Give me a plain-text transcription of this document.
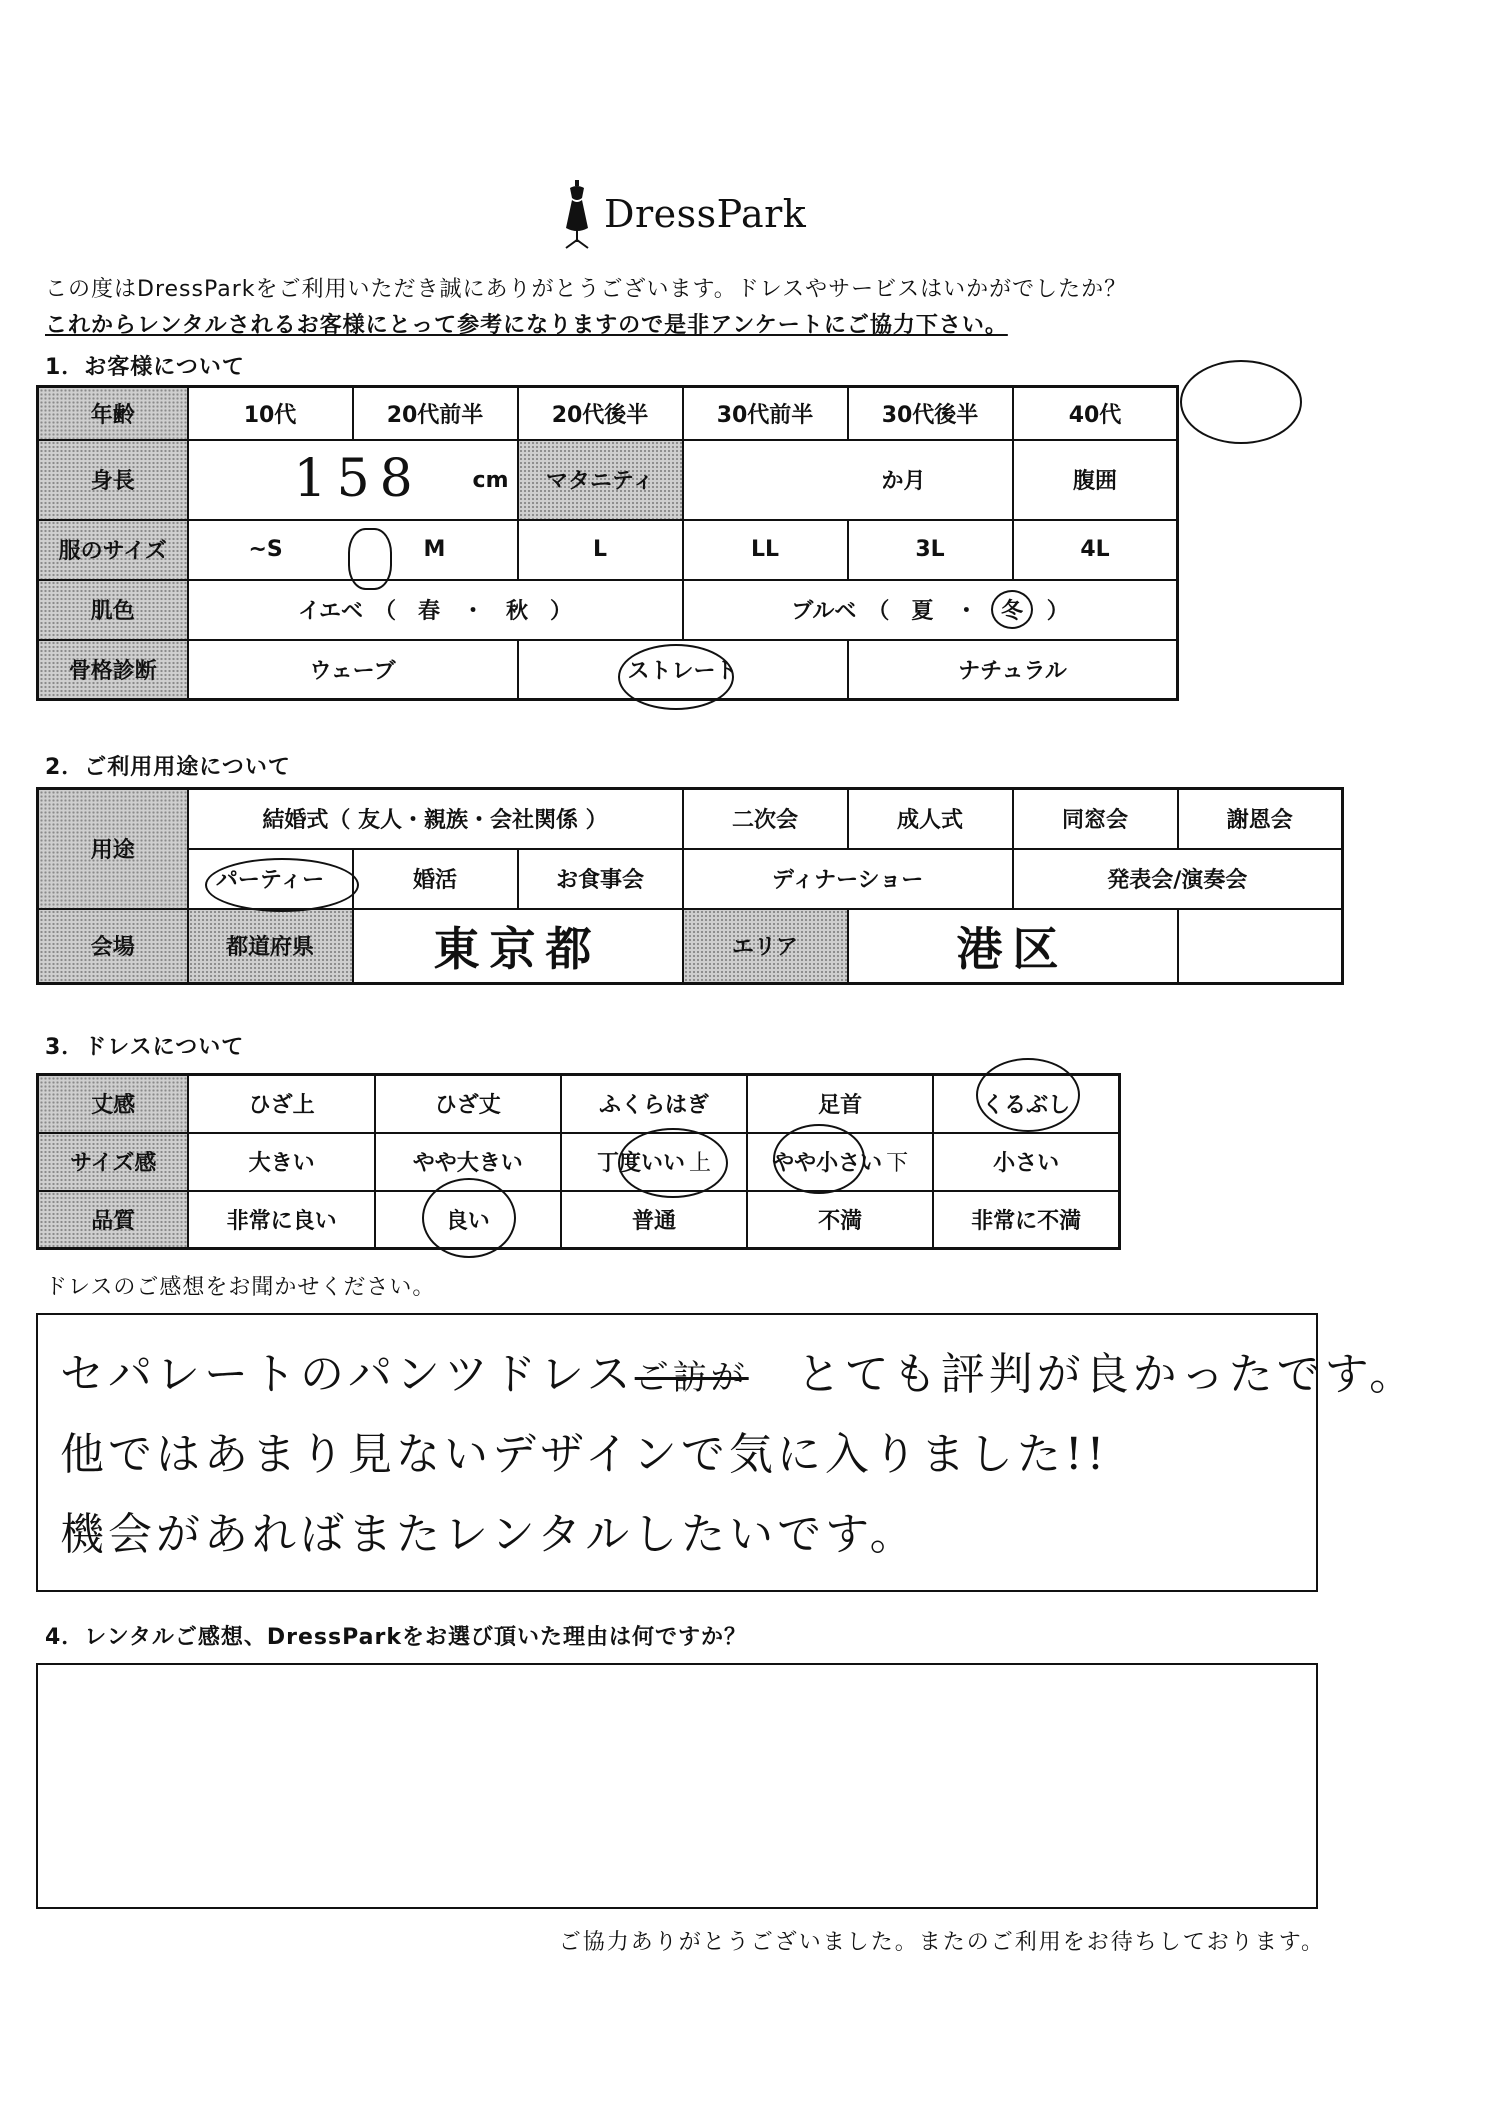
DressPark
この度はDressParkをご利用いただき誠にありがとうございます。ドレスやサービスはいかがでしたか？
これからレンタルされるお客様にとって参考になりますので是非アンケートにご協力下さい。
1．お客様について
年齢	10代	20代前半	20代後半	30代前半	30代後半	40代	
身長	158 cm		マタニティ	か月		腹囲	
服のサイズ	~S M		L	LL	3L	4L	
肌色	イエベ　（　春　・　秋　）			ブルベ　（　夏　・ 冬 ）			
骨格診断	ウェーブ		ストレート		ナチュラル		
2．ご利用用途について
用途	結婚式（ 友人・親族・会社関係 ）			二次会	成人式	同窓会	謝恩会
	パーティー	婚活	お食事会	ディナーショー		発表会/演奏会	
会場	都道府県	東京都		エリア	港区		
3．ドレスについて
丈感	ひざ上	ひざ丈	ふくらはぎ	足首	くるぶし
サイズ感	大きい	やや大きい	丁度いい 上	やや小さい 下	小さい
品質	非常に良い	良い	普通	不満	非常に不満
ドレスのご感想をお聞かせください。
セパレートのパンツドレスご訪が　 とても評判が良かったです。
他ではあまり見ないデザインで気に入りました!!
機会があればまたレンタルしたいです。
4．レンタルご感想、DressParkをお選び頂いた理由は何ですか？
ご協力ありがとうございました。またのご利用をお待ちしております。
